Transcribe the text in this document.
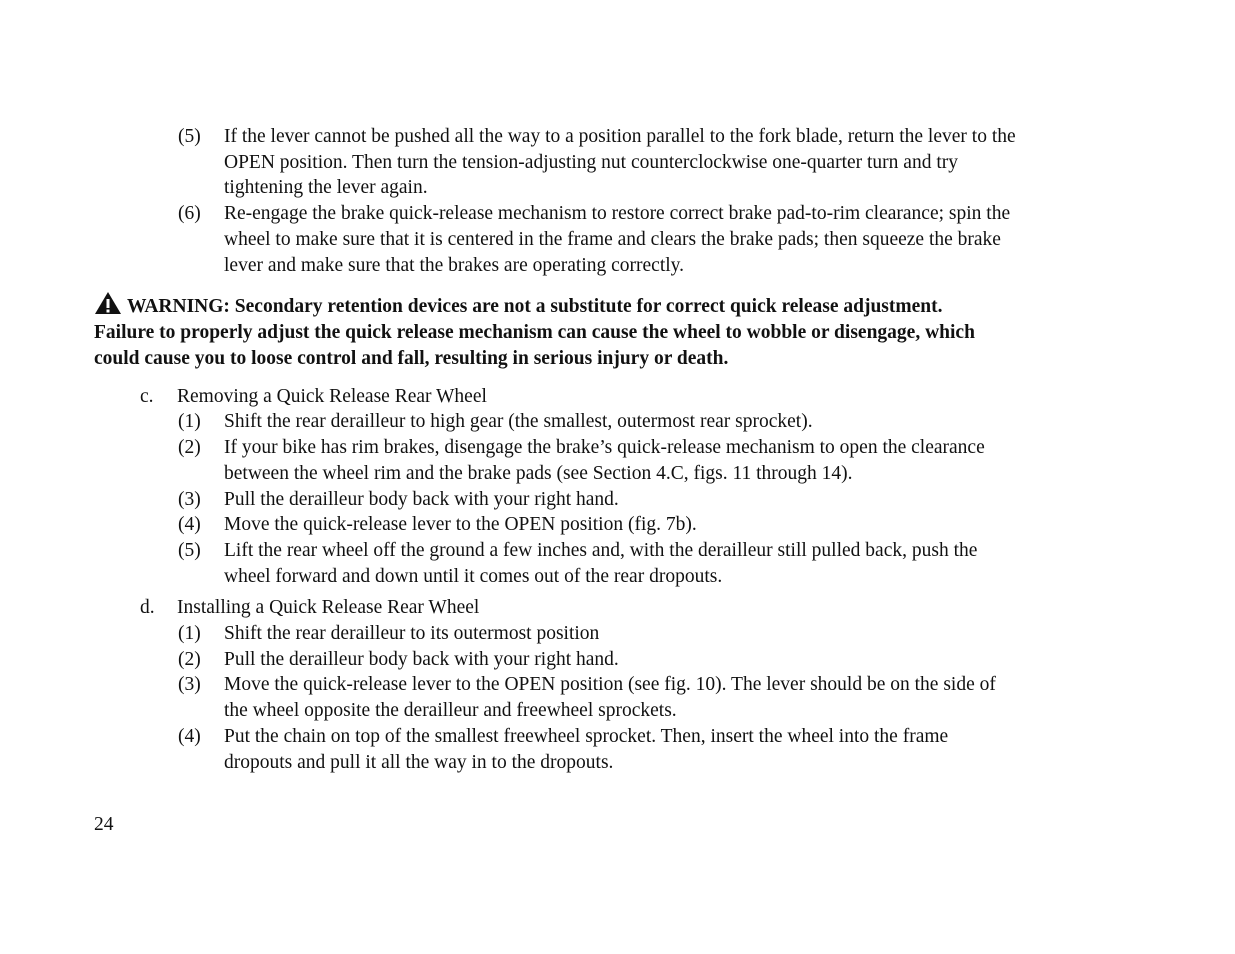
(5) If the lever cannot be pushed all the way to a position parallel to the fork blade, return the lever to the
OPEN position. Then turn the tension-adjusting nut counterclockwise one-quarter turn and try
tightening the lever again.
(6) Re-engage the brake quick-release mechanism to restore correct brake pad-to-rim clearance; spin the
wheel to make sure that it is centered in the frame and clears the brake pads; then squeeze the brake
lever and make sure that the brakes are operating correctly.
WARNING: Secondary retention devices are not a substitute for correct quick release adjustment.
Failure to properly adjust the quick release mechanism can cause the wheel to wobble or disengage, which
could cause you to loose control and fall, resulting in serious injury or death.
c. Removing a Quick Release Rear Wheel
(1) Shift the rear derailleur to high gear (the smallest, outermost rear sprocket).
(2) If your bike has rim brakes, disengage the brake’s quick-release mechanism to open the clearance
between the wheel rim and the brake pads (see Section 4.C, figs. 11 through 14).
(3) Pull the derailleur body back with your right hand.
(4) Move the quick-release lever to the OPEN position (fig. 7b).
(5) Lift the rear wheel off the ground a few inches and, with the derailleur still pulled back, push the
wheel forward and down until it comes out of the rear dropouts.
d. Installing a Quick Release Rear Wheel
(1) Shift the rear derailleur to its outermost position
(2) Pull the derailleur body back with your right hand.
(3) Move the quick-release lever to the OPEN position (see fig. 10). The lever should be on the side of
the wheel opposite the derailleur and freewheel sprockets.
(4) Put the chain on top of the smallest freewheel sprocket. Then, insert the wheel into the frame
dropouts and pull it all the way in to the dropouts.
24
